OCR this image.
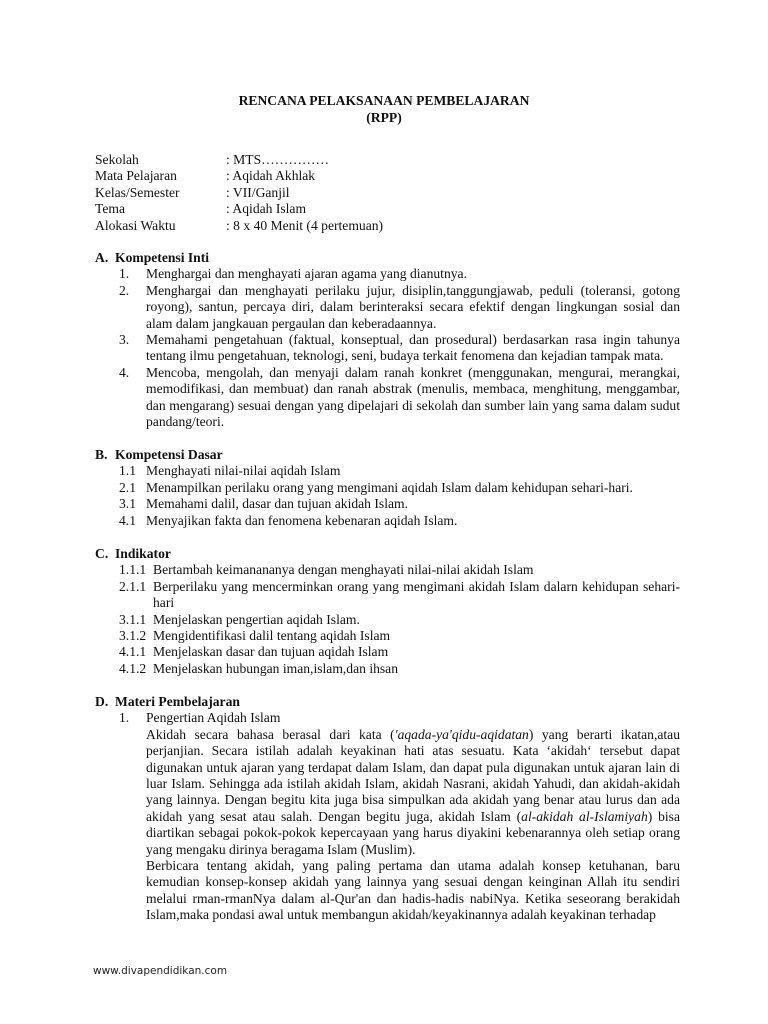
RENCANA PELAKSANAAN PEMBELAJARAN
(RPP)
Sekolah	: MTS……………
Mata Pelajaran	: Aqidah Akhlak
Kelas/Semester	: VII/Ganjil
Tema	: Aqidah Islam
Alokasi Waktu	: 8 x 40 Menit (4 pertemuan)
A. Kompetensi Inti
1. Menghargai dan menghayati ajaran agama yang dianutnya.
2. Menghargai dan menghayati perilaku jujur, disiplin,tanggungjawab, peduli (toleransi, gotong royong), santun, percaya diri, dalam berinteraksi secara efektif dengan lingkungan sosial dan alam dalam jangkauan pergaulan dan keberadaannya.
3. Memahami pengetahuan (faktual, konseptual, dan prosedural) berdasarkan rasa ingin tahunya tentang ilmu pengetahuan, teknologi, seni, budaya terkait fenomena dan kejadian tampak mata.
4. Mencoba, mengolah, dan menyaji dalam ranah konkret (menggunakan, mengurai, merangkai, memodifikasi, dan membuat) dan ranah abstrak (menulis, membaca, menghitung, menggambar, dan mengarang) sesuai dengan yang dipelajari di sekolah dan sumber lain yang sama dalam sudut pandang/teori.
B. Kompetensi Dasar
1.1 Menghayati nilai-nilai aqidah Islam
2.1 Menampilkan perilaku orang yang mengimani aqidah Islam dalam kehidupan sehari-hari.
3.1 Memahami dalil, dasar dan tujuan akidah Islam.
4.1 Menyajikan fakta dan fenomena kebenaran aqidah Islam.
C. Indikator
1.1.1 Bertambah keimanananya dengan menghayati nilai-nilai akidah Islam
2.1.1 Berperilaku yang mencerminkan orang yang mengimani akidah Islam dalarn kehidupan sehari-hari
3.1.1 Menjelaskan pengertian aqidah Islam.
3.1.2 Mengidentifikasi dalil tentang aqidah Islam
4.1.1 Menjelaskan dasar dan tujuan aqidah Islam
4.1.2 Menjelaskan hubungan iman,islam,dan ihsan
D. Materi Pembelajaran
1. Pengertian Aqidah Islam
Akidah secara bahasa berasal dari kata ('aqada-ya'qidu-aqidatan) yang berarti ikatan,atau perjanjian. Secara istilah adalah keyakinan hati atas sesuatu. Kata ‘akidah‘ tersebut dapat digunakan untuk ajaran yang terdapat dalam Islam, dan dapat pula digunakan untuk ajaran lain di luar Islam. Sehingga ada istilah akidah Islam, akidah Nasrani, akidah Yahudi, dan akidah-akidah yang lainnya. Dengan begitu kita juga bisa simpulkan ada akidah yang benar atau lurus dan ada akidah yang sesat atau salah. Dengan begitu juga, akidah Islam (al-akidah al-Islamiyah) bisa diartikan sebagai pokok-pokok kepercayaan yang harus diyakini kebenarannya oleh setiap orang yang mengaku dirinya beragama Islam (Muslim).
Berbicara tentang akidah, yang paling pertama dan utama adalah konsep ketuhanan, baru kemudian konsep-konsep akidah yang lainnya yang sesuai dengan keinginan Allah itu sendiri melalui rman-rmanNya dalam al-Qur'an dan hadis-hadis nabiNya. Ketika seseorang berakidah Islam,maka pondasi awal untuk membangun akidah/keyakinannya adalah keyakinan terhadap
www.divapendidikan.com
